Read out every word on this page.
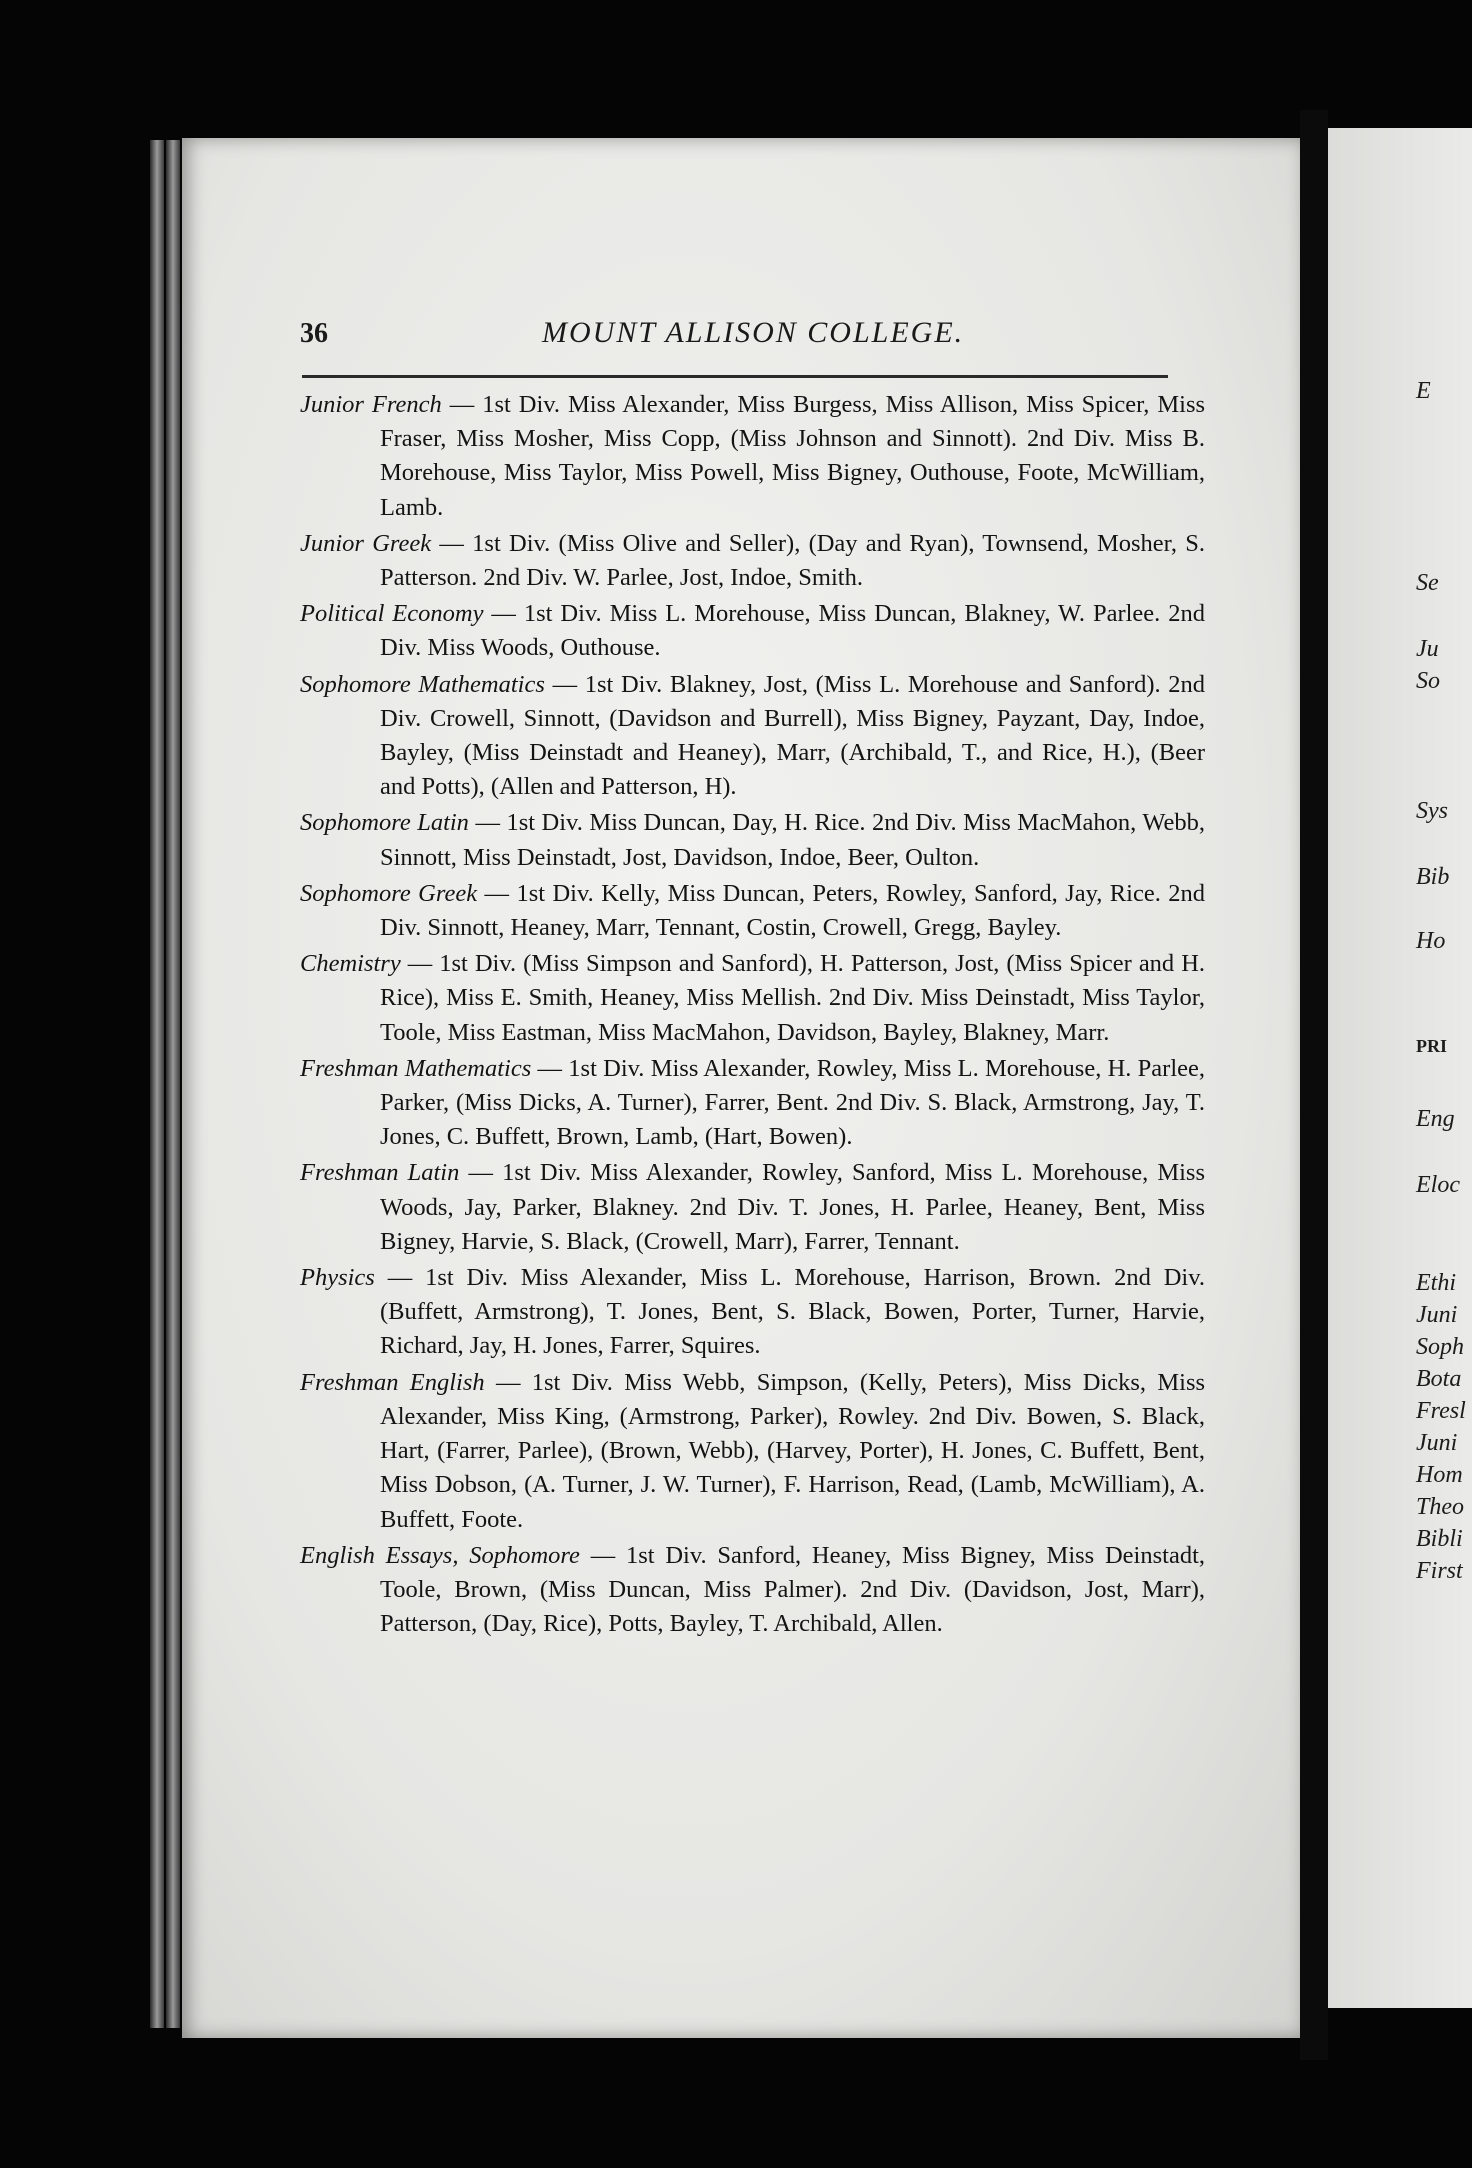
36	MOUNT ALLISON COLLEGE.

Junior French — 1st Div. Miss Alexander, Miss Burgess, Miss Allison, Miss Spicer, Miss Fraser, Miss Mosher, Miss Copp, (Miss Johnson and Sinnott). 2nd Div. Miss B. Morehouse, Miss Taylor, Miss Powell, Miss Bigney, Outhouse, Foote, McWilliam, Lamb.

Junior Greek — 1st Div. (Miss Olive and Seller), (Day and Ryan), Townsend, Mosher, S. Patterson. 2nd Div. W. Parlee, Jost, Indoe, Smith.

Political Economy — 1st Div. Miss L. Morehouse, Miss Duncan, Blakney, W. Parlee. 2nd Div. Miss Woods, Outhouse.

Sophomore Mathematics — 1st Div. Blakney, Jost, (Miss L. Morehouse and Sanford). 2nd Div. Crowell, Sinnott, (Davidson and Burrell), Miss Bigney, Payzant, Day, Indoe, Bayley, (Miss Deinstadt and Heaney), Marr, (Archibald, T., and Rice, H.), (Beer and Potts), (Allen and Patterson, H).

Sophomore Latin — 1st Div. Miss Duncan, Day, H. Rice. 2nd Div. Miss MacMahon, Webb, Sinnott, Miss Deinstadt, Jost, Davidson, Indoe, Beer, Oulton.

Sophomore Greek — 1st Div. Kelly, Miss Duncan, Peters, Rowley, Sanford, Jay, Rice. 2nd Div. Sinnott, Heaney, Marr, Tennant, Costin, Crowell, Gregg, Bayley.

Chemistry — 1st Div. (Miss Simpson and Sanford), H. Patterson, Jost, (Miss Spicer and H. Rice), Miss E. Smith, Heaney, Miss Mellish. 2nd Div. Miss Deinstadt, Miss Taylor, Toole, Miss Eastman, Miss MacMahon, Davidson, Bayley, Blakney, Marr.

Freshman Mathematics — 1st Div. Miss Alexander, Rowley, Miss L. Morehouse, H. Parlee, Parker, (Miss Dicks, A. Turner), Farrer, Bent. 2nd Div. S. Black, Armstrong, Jay, T. Jones, C. Buffett, Brown, Lamb, (Hart, Bowen).

Freshman Latin — 1st Div. Miss Alexander, Rowley, Sanford, Miss L. Morehouse, Miss Woods, Jay, Parker, Blakney. 2nd Div. T. Jones, H. Parlee, Heaney, Bent, Miss Bigney, Harvie, S. Black, (Crowell, Marr), Farrer, Tennant.

Physics — 1st Div. Miss Alexander, Miss L. Morehouse, Harrison, Brown. 2nd Div. (Buffett, Armstrong), T. Jones, Bent, S. Black, Bowen, Porter, Turner, Harvie, Richard, Jay, H. Jones, Farrer, Squires.

Freshman English — 1st Div. Miss Webb, Simpson, (Kelly, Peters), Miss Dicks, Miss Alexander, Miss King, (Armstrong, Parker), Rowley. 2nd Div. Bowen, S. Black, Hart, (Farrer, Parlee), (Brown, Webb), (Harvey, Porter), H. Jones, C. Buffett, Bent, Miss Dobson, (A. Turner, J. W. Turner), F. Harrison, Read, (Lamb, McWilliam), A. Buffett, Foote.

English Essays, Sophomore — 1st Div. Sanford, Heaney, Miss Bigney, Miss Deinstadt, Toole, Brown, (Miss Duncan, Miss Palmer). 2nd Div. (Davidson, Jost, Marr), Patterson, (Day, Rice), Potts, Bayley, T. Archibald, Allen.

E
Se
Ju
So
Sys
Bib
Ho
PRI
Eng
Eloc
Ethi
Juni
Soph
Bota
Fresl
Juni
Hom
Theo
Bibli
First
